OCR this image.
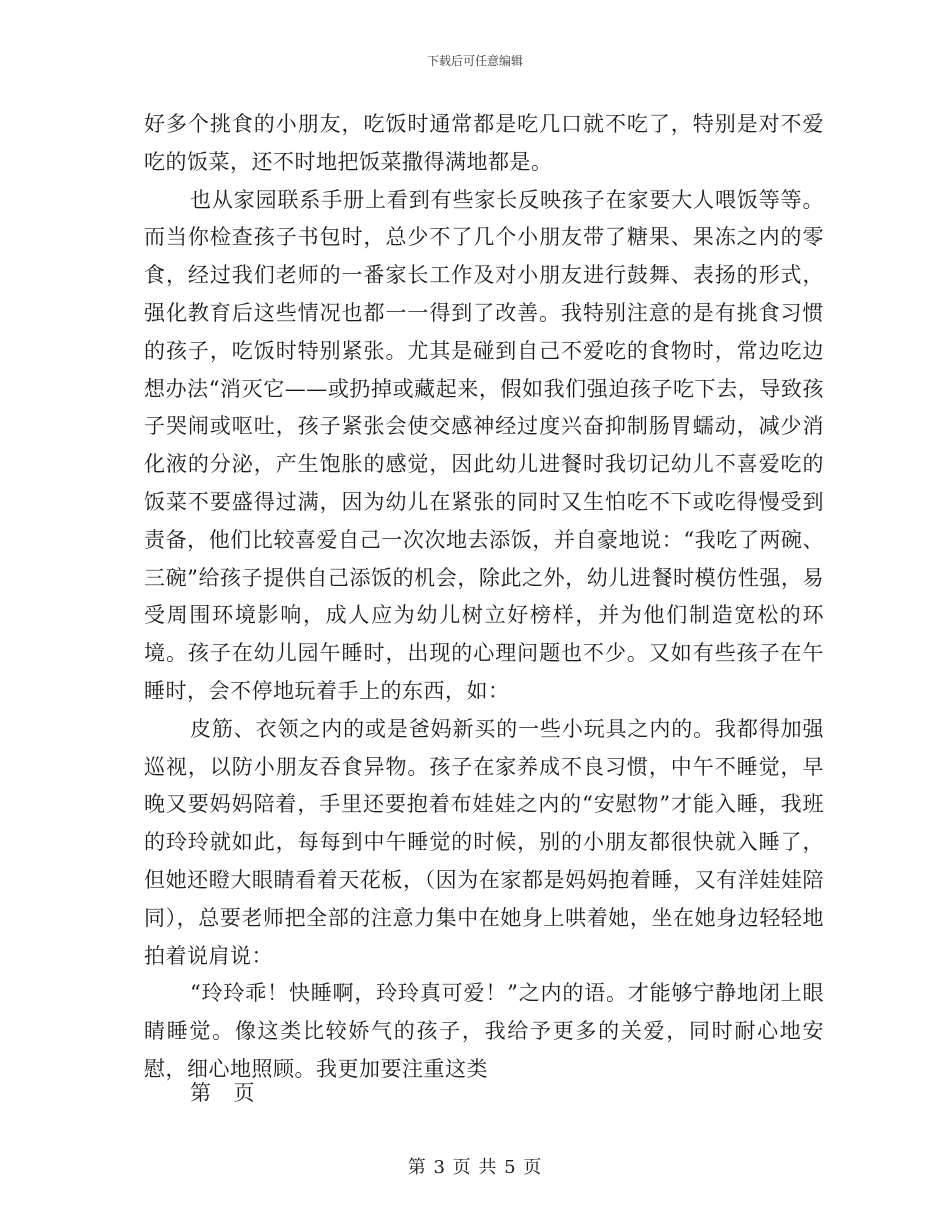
下载后可任意编辑

好多个挑食的小朋友，吃饭时通常都是吃几口就不吃了，特别是对不爱吃的饭菜，还不时地把饭菜撒得满地都是。

也从家园联系手册上看到有些家长反映孩子在家要大人喂饭等等。而当你检查孩子书包时，总少不了几个小朋友带了糖果、果冻之内的零食，经过我们老师的一番家长工作及对小朋友进行鼓舞、表扬的形式，强化教育后这些情况也都一一得到了改善。我特别注意的是有挑食习惯的孩子，吃饭时特别紧张。尤其是碰到自己不爱吃的食物时，常边吃边想办法“消灭它——或扔掉或藏起来，假如我们强迫孩子吃下去，导致孩子哭闹或呕吐，孩子紧张会使交感神经过度兴奋抑制肠胃蠕动，减少消化液的分泌，产生饱胀的感觉，因此幼儿进餐时我切记幼儿不喜爱吃的饭菜不要盛得过满，因为幼儿在紧张的同时又生怕吃不下或吃得慢受到责备，他们比较喜爱自己一次次地去添饭，并自豪地说：“我吃了两碗、三碗”给孩子提供自己添饭的机会，除此之外，幼儿进餐时模仿性强，易受周围环境影响，成人应为幼儿树立好榜样，并为他们制造宽松的环境。孩子在幼儿园午睡时，出现的心理问题也不少。又如有些孩子在午睡时，会不停地玩着手上的东西，如：

皮筋、衣领之内的或是爸妈新买的一些小玩具之内的。我都得加强巡视，以防小朋友吞食异物。孩子在家养成不良习惯，中午不睡觉，早晚又要妈妈陪着，手里还要抱着布娃娃之内的“安慰物”才能入睡，我班的玲玲就如此，每每到中午睡觉的时候，别的小朋友都很快就入睡了，但她还瞪大眼睛看着天花板，（因为在家都是妈妈抱着睡，又有洋娃娃陪同），总要老师把全部的注意力集中在她身上哄着她，坐在她身边轻轻地拍着说肩说：

“玲玲乖！快睡啊，玲玲真可爱！”之内的语。才能够宁静地闭上眼睛睡觉。像这类比较娇气的孩子，我给予更多的关爱，同时耐心地安慰，细心地照顾。我更加要注重这类

第 页
第 3 页 共 5 页
